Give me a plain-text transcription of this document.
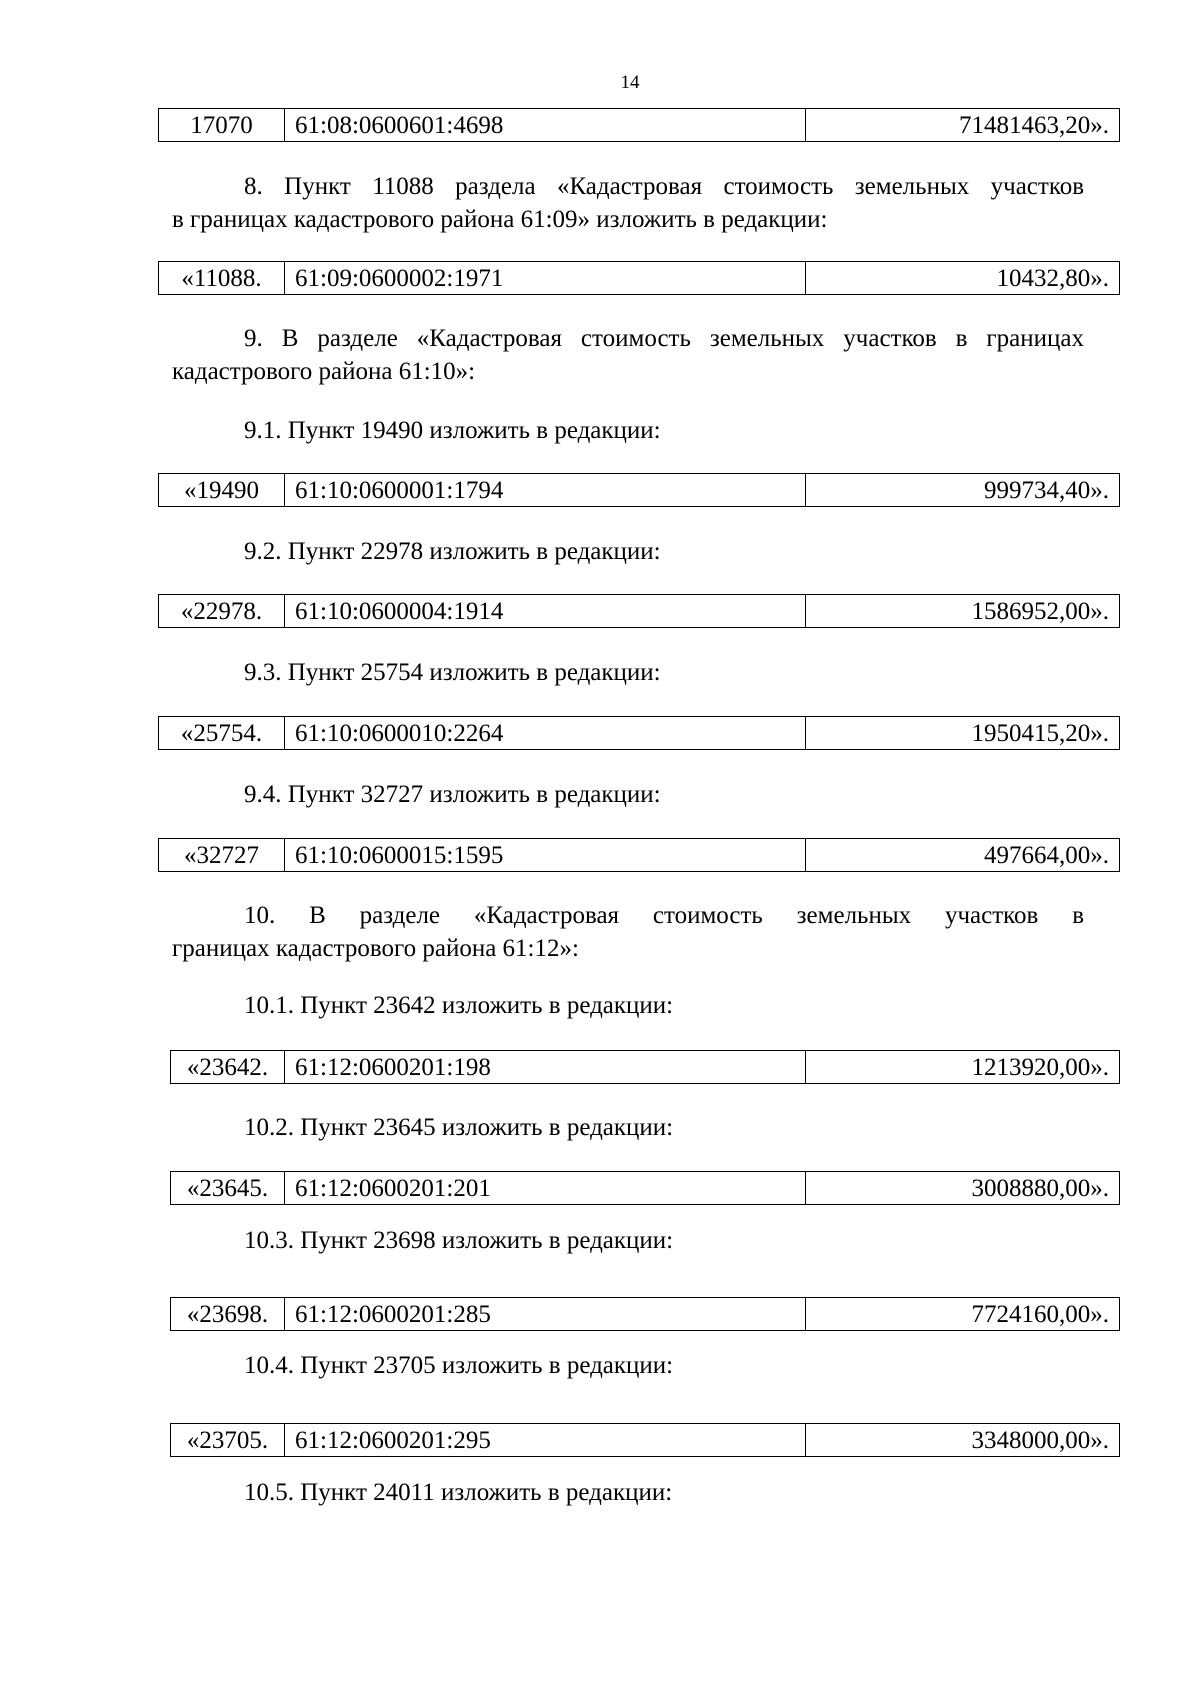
14
17070	61:08:0600601:4698	71481463,20».

8. Пункт 11088 раздела «Кадастровая стоимость земельных участков

в границах кадастрового района 61:09» изложить в редакции:

«11088.	61:09:0600002:1971	10432,80».

9. В разделе «Кадастровая стоимость земельных участков в границах

кадастрового района 61:10»:

9.1. Пункт 19490 изложить в редакции:

«19490	61:10:0600001:1794	999734,40».

9.2. Пункт 22978 изложить в редакции:

«22978.	61:10:0600004:1914	1586952,00».

9.3. Пункт 25754 изложить в редакции:

«25754.	61:10:0600010:2264	1950415,20».

9.4. Пункт 32727 изложить в редакции:

«32727	61:10:0600015:1595	497664,00».

10. В разделе «Кадастровая стоимость земельных участков в

границах кадастрового района 61:12»:

10.1. Пункт 23642 изложить в редакции:

«23642.	61:12:0600201:198	1213920,00».

10.2. Пункт 23645 изложить в редакции:

«23645.	61:12:0600201:201	3008880,00».

10.3. Пункт 23698 изложить в редакции:

«23698.	61:12:0600201:285	7724160,00».

10.4. Пункт 23705 изложить в редакции:

«23705.	61:12:0600201:295	3348000,00».

10.5. Пункт 24011 изложить в редакции:
